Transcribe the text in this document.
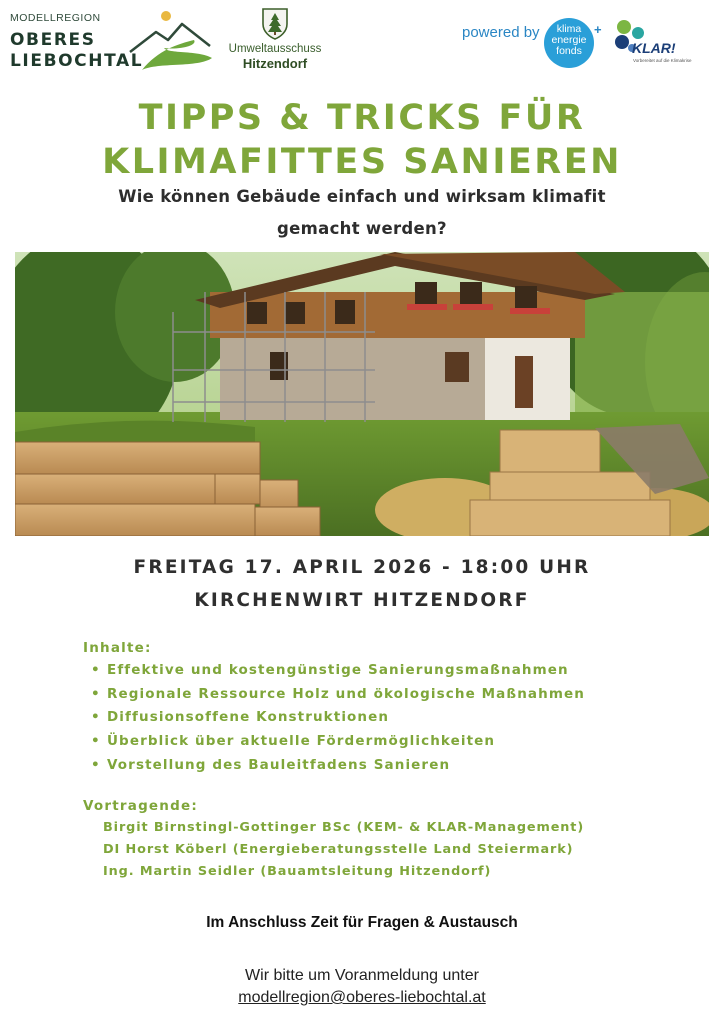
MODELLREGION
OBERES
LIEBOCHTAL
Umweltausschuss
Hitzendorf
powered by	klima
energie
fonds
+
KLAR!
Vorbereitet auf die Klimakrise
TIPPS & TRICKS FÜR
KLIMAFITTES SANIEREN
Wie können Gebäude einfach und wirksam klimafit
gemacht werden?
FREITAG 17. APRIL 2026 - 18:00 UHR
KIRCHENWIRT HITZENDORF
Inhalte:
• Effektive und kostengünstige Sanierungsmaßnahmen
• Regionale Ressource Holz und ökologische Maßnahmen
• Diffusionsoffene Konstruktionen
• Überblick über aktuelle Fördermöglichkeiten
• Vorstellung des Bauleitfadens Sanieren
Vortragende:
Birgit Birnstingl-Gottinger BSc (KEM- & KLAR-Management)
DI Horst Köberl (Energieberatungsstelle Land Steiermark)
Ing. Martin Seidler (Bauamtsleitung Hitzendorf)
Im Anschluss Zeit für Fragen & Austausch
Wir bitte um Voranmeldung unter
modellregion@oberes-liebochtal.at
